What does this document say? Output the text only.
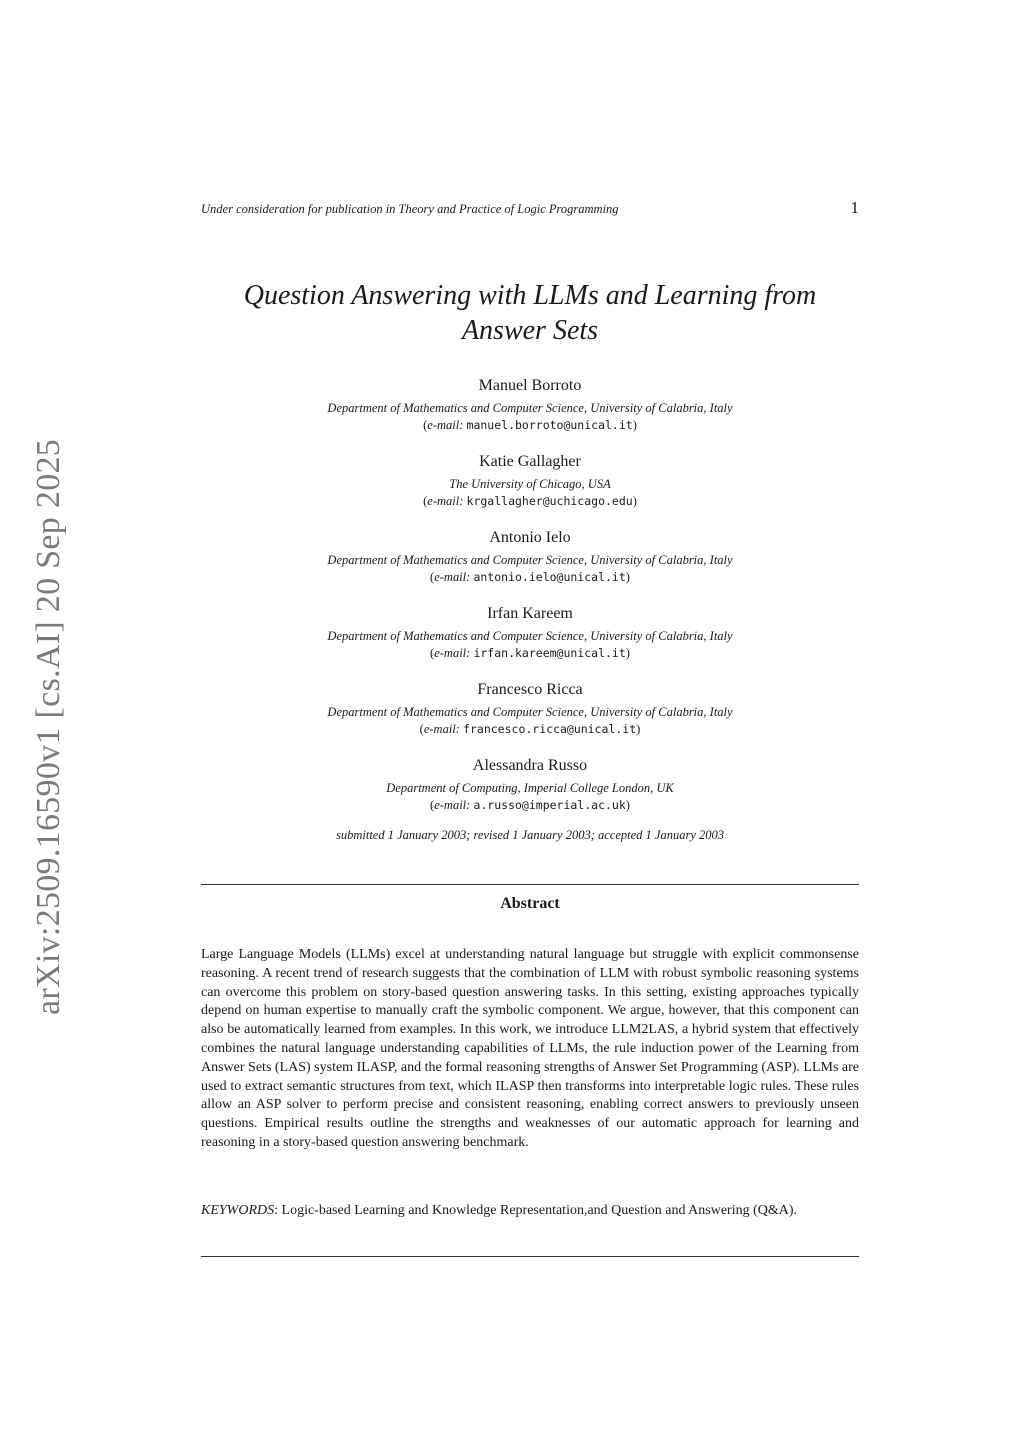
Under consideration for publication in Theory and Practice of Logic Programming	1
arXiv:2509.16590v1 [cs.AI] 20 Sep 2025
Question Answering with LLMs and Learning from
Answer Sets
Manuel Borroto
Department of Mathematics and Computer Science, University of Calabria, Italy
(e-mail: manuel.borroto@unical.it)
Katie Gallagher
The University of Chicago, USA
(e-mail: krgallagher@uchicago.edu)
Antonio Ielo
Department of Mathematics and Computer Science, University of Calabria, Italy
(e-mail: antonio.ielo@unical.it)
Irfan Kareem
Department of Mathematics and Computer Science, University of Calabria, Italy
(e-mail: irfan.kareem@unical.it)
Francesco Ricca
Department of Mathematics and Computer Science, University of Calabria, Italy
(e-mail: francesco.ricca@unical.it)
Alessandra Russo
Department of Computing, Imperial College London, UK
(e-mail: a.russo@imperial.ac.uk)
submitted 1 January 2003; revised 1 January 2003; accepted 1 January 2003
Abstract
Large Language Models (LLMs) excel at understanding natural language but struggle with explicit commonsense reasoning. A recent trend of research suggests that the combination of LLM with robust symbolic reasoning systems can overcome this problem on story-based question answering tasks. In this setting, existing approaches typically depend on human expertise to manually craft the symbolic component. We argue, however, that this component can also be automatically learned from examples. In this work, we introduce LLM2LAS, a hybrid system that effectively combines the natural language understanding capabilities of LLMs, the rule induction power of the Learning from Answer Sets (LAS) system ILASP, and the formal reasoning strengths of Answer Set Programming (ASP). LLMs are used to extract semantic structures from text, which ILASP then transforms into interpretable logic rules. These rules allow an ASP solver to perform precise and consistent reasoning, enabling correct answers to previously unseen questions. Empirical results outline the strengths and weaknesses of our automatic approach for learning and reasoning in a story-based question answering benchmark.
KEYWORDS: Logic-based Learning and Knowledge Representation,and Question and Answering (Q&A).
